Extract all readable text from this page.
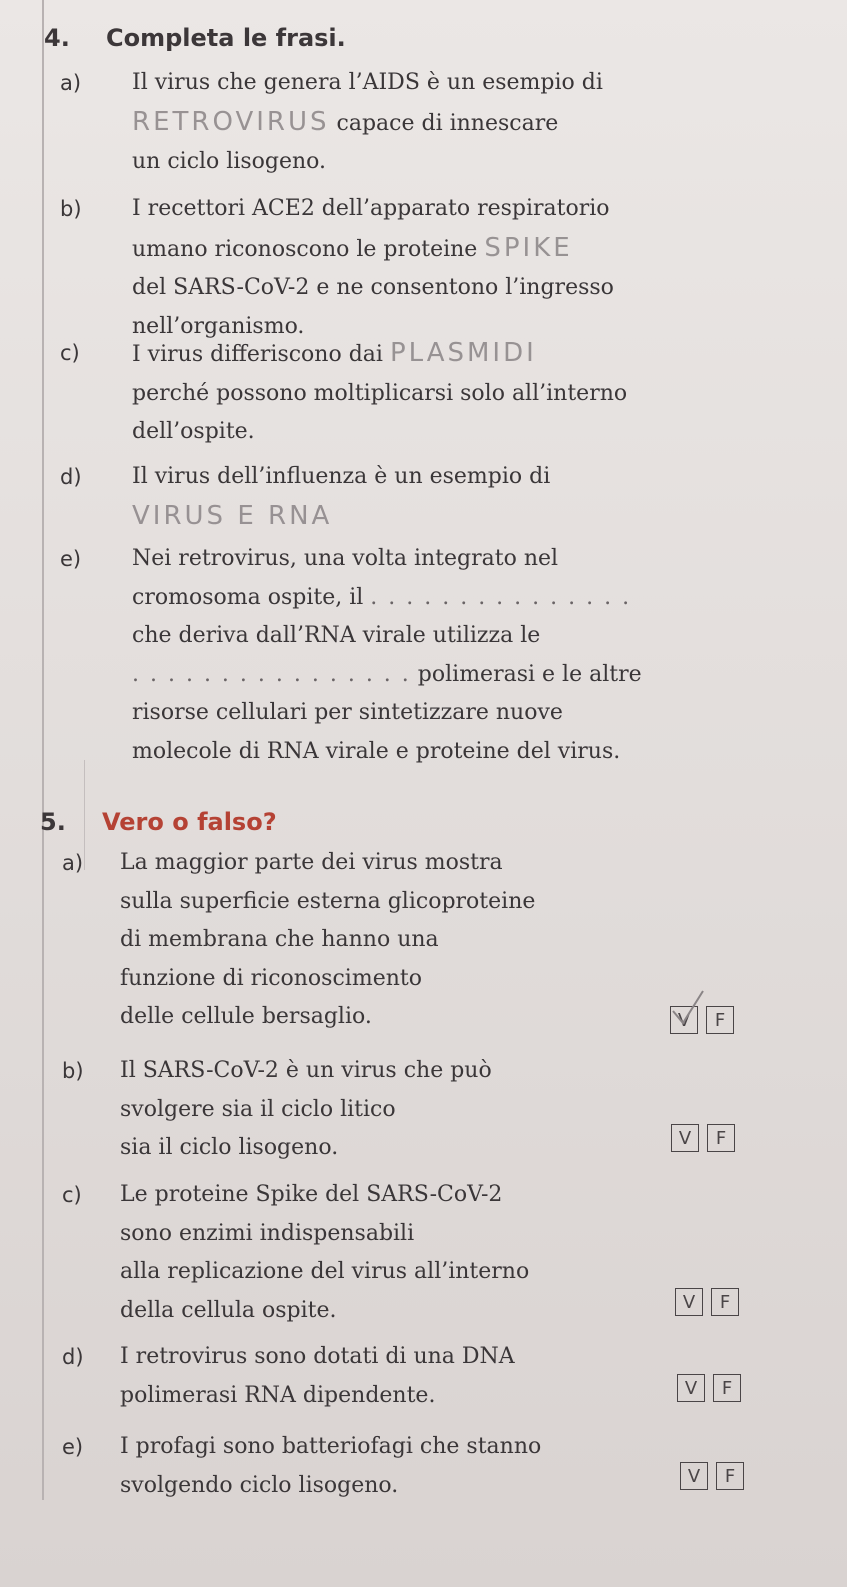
4. Completa le frasi.
a) Il virus che genera l’AIDS è un esempio di
RETROVIRUS capace di innescare
un ciclo lisogeno.
b) I recettori ACE2 dell’apparato respiratorio
umano riconoscono le proteine SPIKE
del SARS-CoV-2 e ne consentono l’ingresso
nell’organismo.
c) I virus differiscono dai PLASMIDI
perché possono moltiplicarsi solo all’interno
dell’ospite.
d) Il virus dell’influenza è un esempio di
VIRUS E RNA
e) Nei retrovirus, una volta integrato nel
cromosoma ospite, il . . . . . . . . . . . . . . .
che deriva dall’RNA virale utilizza le
. . . . . . . . . . . . . . . . polimerasi e le altre
risorse cellulari per sintetizzare nuove
molecole di RNA virale e proteine del virus.
5. Vero o falso?
a) La maggior parte dei virus mostra
sulla superficie esterna glicoproteine
di membrana che hanno una
funzione di riconoscimento
delle cellule bersaglio.	V F
b) Il SARS-CoV-2 è un virus che può
svolgere sia il ciclo litico
sia il ciclo lisogeno.	V F
c) Le proteine Spike del SARS-CoV-2
sono enzimi indispensabili
alla replicazione del virus all’interno
della cellula ospite.	V F
d) I retrovirus sono dotati di una DNA
polimerasi RNA dipendente.	V F
e) I profagi sono batteriofagi che stanno
svolgendo ciclo lisogeno.	V F
